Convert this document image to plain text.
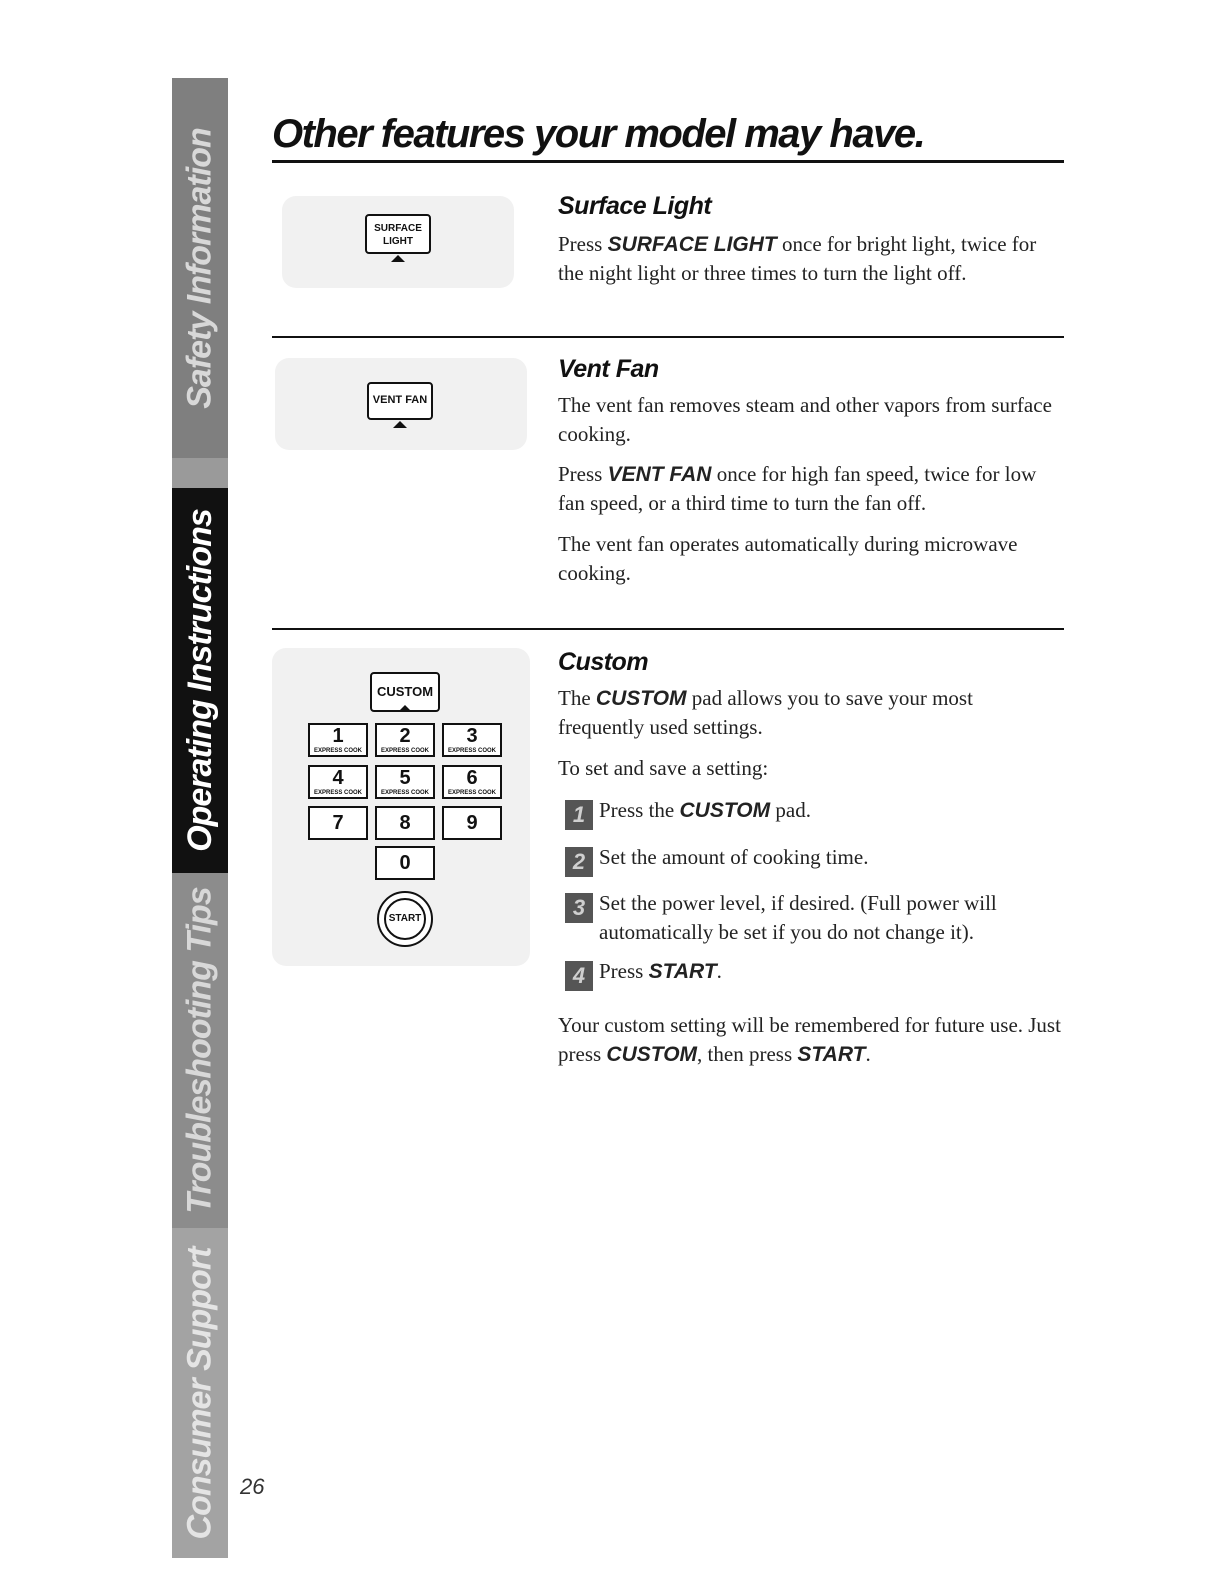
Safety Information
Operating Instructions
Troubleshooting Tips
Consumer Support 26
Other features your model may have.
SURFACE LIGHT
Surface Light

Press SURFACE LIGHT once for bright light, twice for the night light or three times to turn the light off.

VENT FAN
Vent Fan

The vent fan removes steam and other vapors from surface cooking.

Press VENT FAN once for high fan speed, twice for low fan speed, or a third time to turn the fan off.

The vent fan operates automatically during microwave cooking.

CUSTOM
1
EXPRESS COOK
2
EXPRESS COOK
3
EXPRESS COOK
4
EXPRESS COOK
5
EXPRESS COOK
6
EXPRESS COOK
7	8	9
0
START
Custom

The CUSTOM pad allows you to save your most frequently used settings.

To set and save a setting:

1 Press the CUSTOM pad.
2 Set the amount of cooking time.
3 Set the power level, if desired. (Full power will automatically be set if you do not change it).
4 Press START.

Your custom setting will be remembered for future use. Just press CUSTOM, then press START.
